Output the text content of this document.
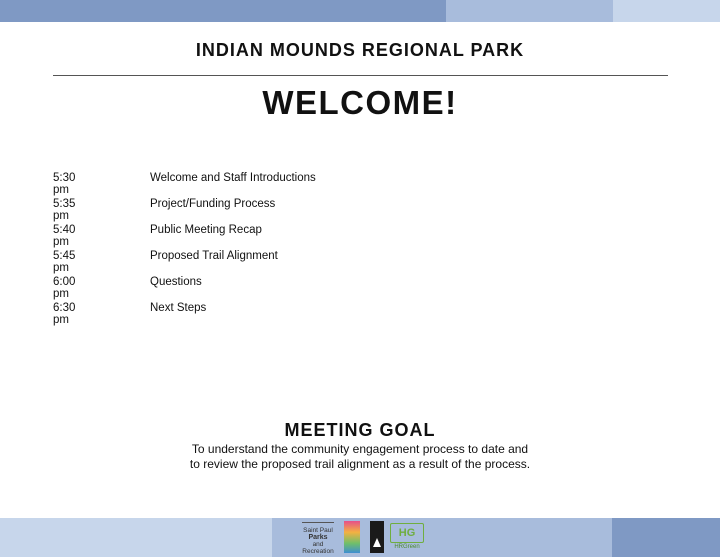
INDIAN MOUNDS REGIONAL PARK
WELCOME!
5:30 pm
Welcome and Staff Introductions
5:35 pm
Project/Funding Process
5:40 pm
Public Meeting Recap
5:45 pm
Proposed Trail Alignment
6:00 pm
Questions
6:30 pm
Next Steps
MEETING GOAL
To understand the community engagement process to date and
to review the proposed trail alignment as a result of the process.
Saint Paul
Parks
and
Recreation
HG
HRGreen
